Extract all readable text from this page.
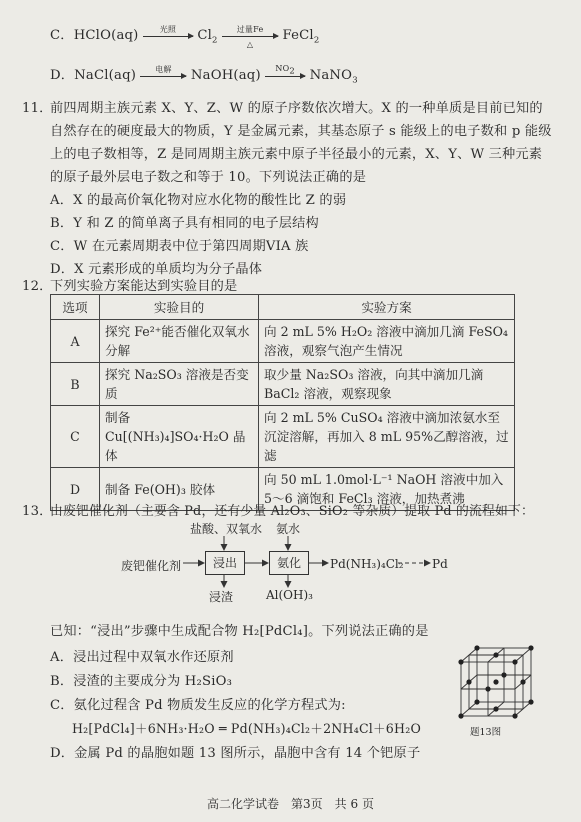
C．HClO(aq)	光照	$Cl_2$
过量Fe
△
FeCl$_2$
D．NaCl(aq)	电解	NaOH(aq)	$NO_2$	NaNO$_3$
11．
前四周期主族元素 X、Y、Z、W 的原子序数依次增大。X 的一种单质是目前已知的
自然存在的硬度最大的物质，Y 是金属元素，其基态原子 s 能级上的电子数和 p 能级
上的电子数相等，Z 是同周期主族元素中原子半径最小的元素，X、Y、W 三种元素
的原子最外层电子数之和等于 10。下列说法正确的是
A．X 的最高价氧化物对应水化物的酸性比 Z 的弱
B．Y 和 Z 的简单离子具有相同的电子层结构
C．W 在元素周期表中位于第四周期VIA 族
D．X 元素形成的单质均为分子晶体
12．
下列实验方案能达到实验目的是
选项	实验目的	实验方案
A	探究 Fe²⁺能否催化双氧水分解	向 2 mL 5% H₂O₂ 溶液中滴加几滴 FeSO₄ 溶液，观察气泡产生情况
B	探究 Na₂SO₃ 溶液是否变质	取少量 Na₂SO₃ 溶液，向其中滴加几滴 BaCl₂ 溶液，观察现象
C	制备 Cu[(NH₃)₄]SO₄·H₂O 晶体	向 2 mL 5% CuSO₄ 溶液中滴加浓氨水至沉淀溶解，再加入 8 mL 95%乙醇溶液，过滤
D	制备 Fe(OH)₃ 胶体	向 50 mL 1.0mol·L⁻¹ NaOH 溶液中加入 5～6 滴饱和 FeCl₃ 溶液，加热煮沸
13．
由废钯催化剂（主要含 Pd，还有少量 Al₂O₃、SiO₂ 等杂质）提取 Pd 的流程如下：
盐酸、双氧水 氨水
废钯催化剂	浸出	氨化
浸渣	Al(OH)₃
Pd(NH₃)₄Cl₂ Pd
已知：“浸出”步骤中生成配合物 H₂[PdCl₄]。下列说法正确的是
A．浸出过程中双氧水作还原剂
B．浸渣的主要成分为 H₂SiO₃
C．氨化过程含 Pd 物质发生反应的化学方程式为:
H₂[PdCl₄]＋6NH₃·H₂O ═ Pd(NH₃)₄Cl₂＋2NH₄Cl＋6H₂O
D．金属 Pd 的晶胞如题 13 图所示，晶胞中含有 14 个钯原子
题13图
高二化学试卷　第3页　共 6 页
